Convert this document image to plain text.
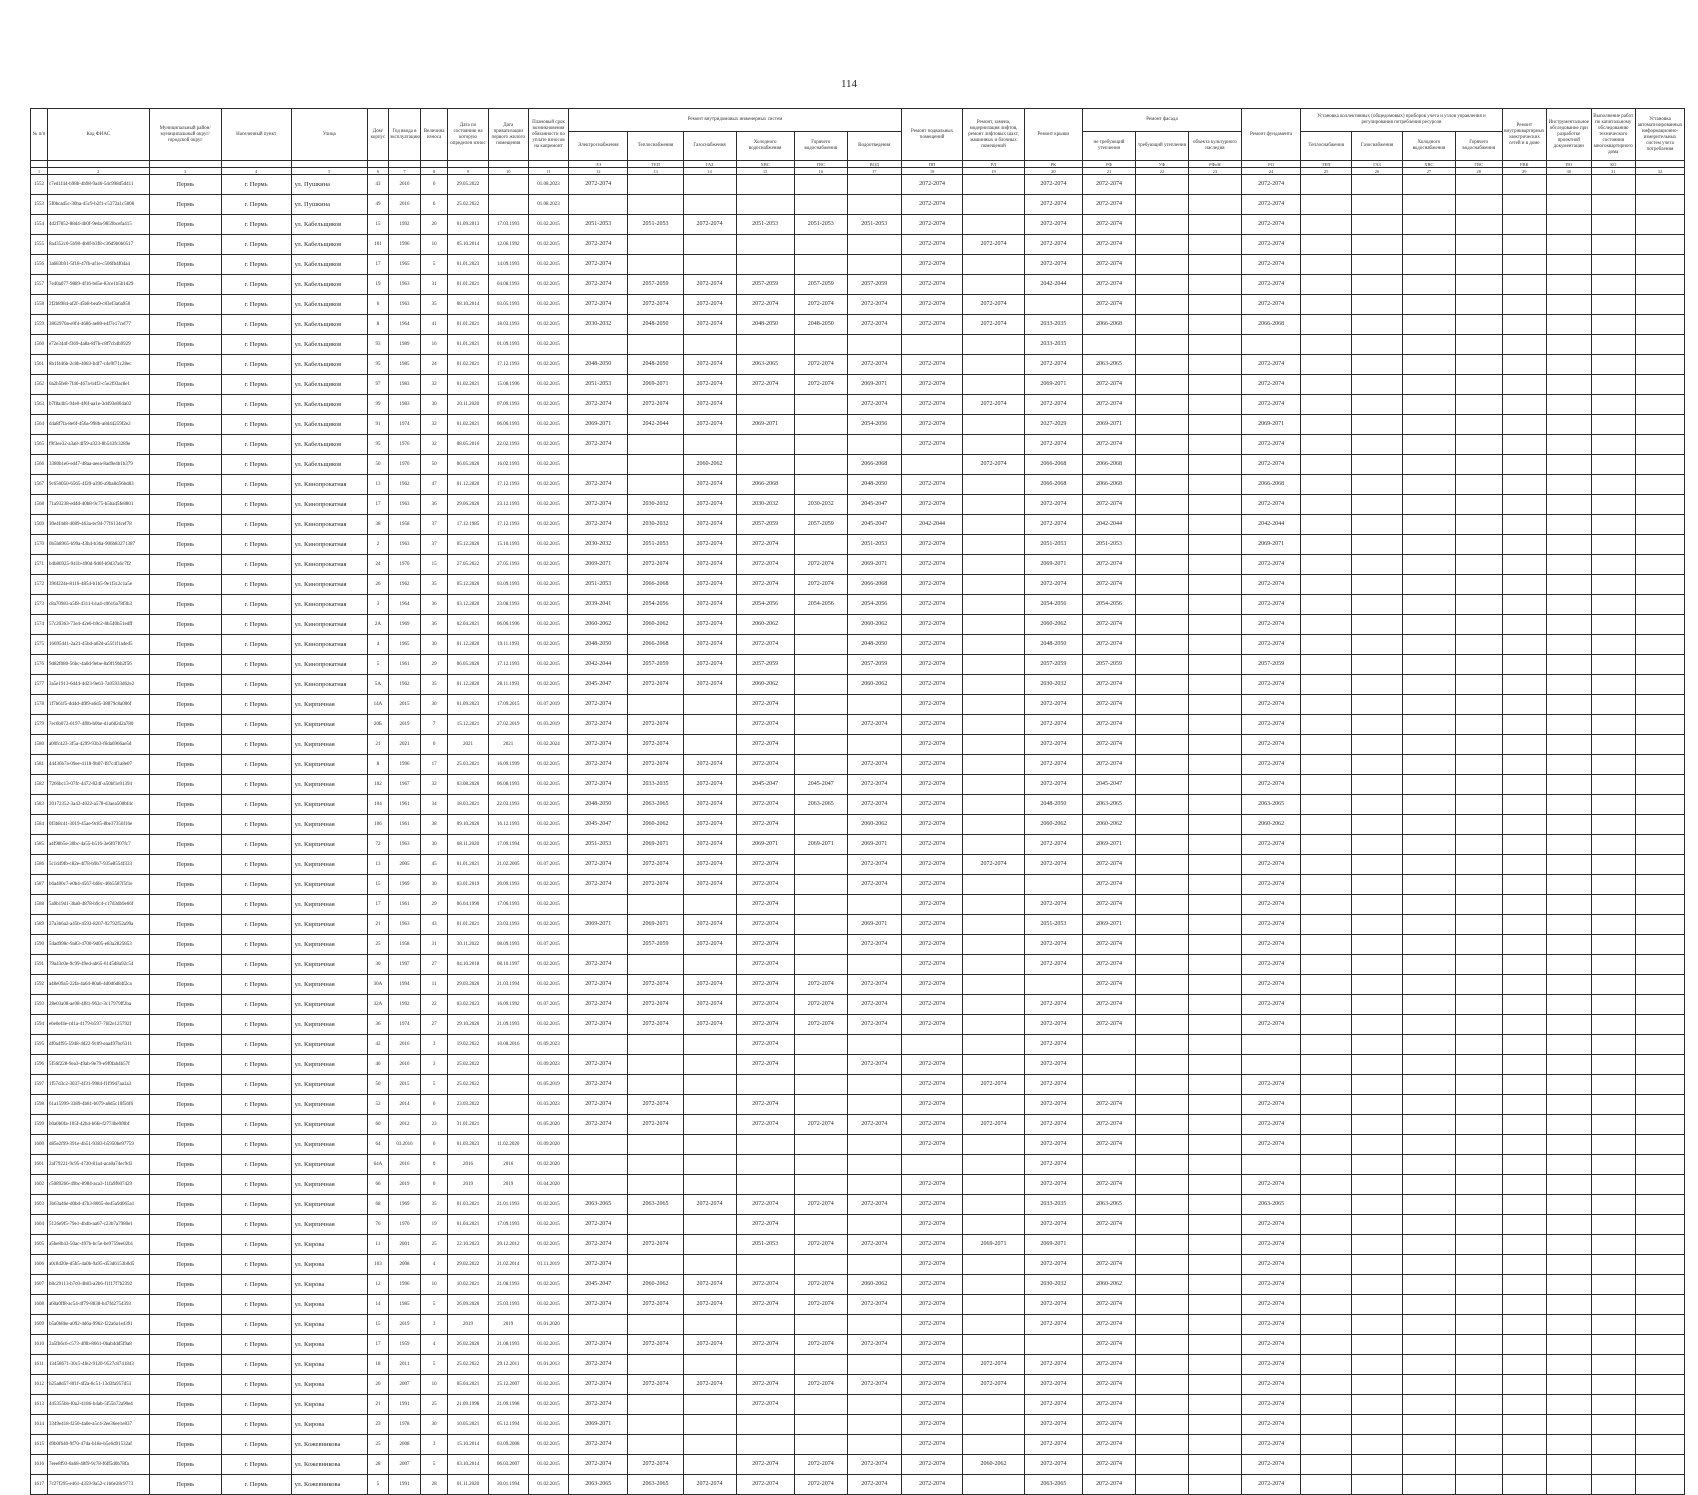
114
№ п/п	Код ФИАС	Муниципальный район/муниципальный округ/городской округ	Населенный пункт	Улица	Дом/корпус	Год ввода в эксплуатацию	Величина износа	Дата по состоянию на которую определен износ	Дата приватизации первого жилого помещения	Плановый срок возникновения обязанности по уплате взносов на капремонт	Ремонт внутридомовых инженерных систем						Ремонт подвальных помещений	Ремонт, замена, модернизация лифтов, ремонт лифтовых шахт, машинных и блочных помещений	Ремонт крыши	Ремонт фасада			Ремонт фундамента	Установка коллективных (общедомовых) приборов учета и узлов управления и регулирования потребления ресурсов				Ремонт внутриквартирных электрических сетей и в доме	Инструментальное обследование при разработке проектной документации	Выполнение работ по капитальному обследованию технического состояния многоквартирного дома	Установка автоматизированных информационно-измерительных систем учета потребления
											Электроснабжения	Теплоснабжения	Газоснабжения	Холодного водоснабжения	Горячего водоснабжения	Водоотведения				не требующий утепления	требующий утепления	объекта культурного наследия		Теплоснабжения	Газоснабжения	Холодного водоснабжения	Горячего водоснабжения				
											ЭЭ	ТЕП	ГАЗ	ХВС	ГВС	ВОД	ПП	РЛ	РК	РФ	УФ	РФоН	РО	ТЕП	ГАЗ	ХВС	ГВС	РВК	ПО	КО	
1	2	3	4	5	6	7	8	9	10	11	12	13	14	15	16	17	18	19	20	21	22	23	24	25	26	27	28	29	30	31	32
1552	c7ed1f44-b98b-4b98-9a46-54c998d5d411	Пермь	г. Пермь	ул. Пушкина	43	2016	6	29.05.2022		01.08.2023	2072-2074						2072-2074		2072-2074	2072-2074			2072-2074								
1553	5f0bcad5c-30ba-45c9-b2f1-c5372a1c5808	Пермь	г. Пермь	ул. Пушкина	49	2016	6	25.02.2022		01.08.2023							2072-2074		2072-2074	2072-2074			2072-2074								
1554	4d2f7852-88d4-4b0f-9eda-9859bcefa415	Пермь	г. Пермь	ул. Кабельщиков	15	1992	20	01.09.2013	17.03.1993	01.02.2015	2051-2053	2051-2053	2072-2074	2051-2053	2051-2053	2051-2053	2072-2074		2072-2074	2072-2074			2072-2074								
1555	8a4352c0-5b98-4b0f-b3f8-c36d9b0b0517	Пермь	г. Пермь	ул. Кабельщиков	101	1996	10	05.10.2014	12.06.1992	01.02.2015	2072-2074						2072-2074	2072-2074	2072-2074	2072-2074			2072-2074								
1556	3a683b91-5f18-47fb-af1e-c506fb4f04a4	Пермь	г. Пермь	ул. Кабельщиков	17	1965	5	01.01.2023	14.09.1993	01.02.2015	2072-2074						2072-2074		2072-2074	2072-2074			2072-2074								
1557	7e40a077-9889-4f16-bd5e-83ce1b5b1d29	Пермь	г. Пермь	ул. Кабельщиков	19	1963	31	01.01.2021	04.08.1993	01.02.2015	2072-2074	2057-2059	2072-2074	2057-2059	2057-2059	2057-2059	2072-2074		2042-2044	2072-2074			2072-2074								
1558	2f2b8984-af2f-45b8-bea9-c83ef3a6a956	Пермь	г. Пермь	ул. Кабельщиков	6	1963	35	08.10.2014	03.05.1993	01.02.2015	2072-2074	2072-2074	2072-2074	2072-2074	2072-2074	2072-2074	2072-2074	2072-2074		2072-2074			2072-2074								
1559	3862970a-e9f4-4686-ae80-e4f7e17cef77	Пермь	г. Пермь	ул. Кабельщиков	8	1964	41	01.01.2021	18.03.1993	01.02.2015	2030-2032	2048-2050	2072-2074	2048-2050	2048-2050	2072-2074	2072-2074	2072-2074	2033-2035	2066-2068			2066-2068								
1560	e72e344f-f369-4a8a-8f7b-c8f7cb4b9929	Пермь	г. Пермь	ул. Кабельщиков	93	1989	16	01.01.2021	01.09.1993	01.02.2015									2033-2035												
1561	8b1f446b-2c8b-4083-b4f7-c4e9f71c28ec	Пермь	г. Пермь	ул. Кабельщиков	95	1985	24	01.02.2021	17.12.1993	01.02.2015	2048-2050	2048-2050	2072-2074	2063-2065	2072-2074	2072-2074	2072-2074		2072-2074	2063-2065			2072-2074								
1562	0a2b5fe8-7f46-467a-b4f2-c5e2f93ac8e1	Пермь	г. Пермь	ул. Кабельщиков	97	1983	32	01.02.2021	15.08.1996	01.02.2015	2051-2053	2069-2071	2072-2074	2072-2074	2072-2074	2069-2071	2072-2074		2069-2071	2072-2074			2072-2074								
1563	b7f8a4b5-94e0-4f6f-aa1e-3d493e804a03	Пермь	г. Пермь	ул. Кабельщиков	99	1983	30	20.11.2020	07.09.1993	01.02.2015	2072-2074	2072-2074	2072-2074			2072-2074	2072-2074	2072-2074	2072-2074	2072-2074			2072-2074								
1564	d4a8f7fa-8e6f-456a-998b-a8d44259f2e2	Пермь	г. Пермь	ул. Кабельщиков	91	1974	32	01.02.2021	06.06.1993	01.02.2015	2069-2071	2042-2044	2072-2074	2069-2071		2054-2056	2072-2074		2027-2029	2069-2071			2069-2071								
1565	f9f3ee32-a3a8-4f59-a323-8b543fc3289e	Пермь	г. Пермь	ул. Кабельщиков	95	1976	32	08.05.2016	22.02.1993	01.02.2015	2072-2074						2072-2074		2072-2074	2072-2074			2072-2074								
1566	3380b1e6-ed47-48aa-aeea-8ad9e4b1b379	Пермь	г. Пермь	ул. Кабельщиков	50	1976	50	06.05.2020	16.02.1993	01.02.2015			2060-2062			2066-2068		2072-2074	2066-2068	2066-2068			2072-2074								
1567	9c650050-6565-4f20-a396-a9ba8d56bd83	Пермь	г. Пермь	ул. Кинопрокатная	13	1962	47	01.12.2020	17.12.1993	01.02.2015	2072-2074		2072-2074	2066-2068		2048-2050	2072-2074		2066-2068	2066-2068			2066-2068								
1568	71a93238-ed4d-40b8-9c75-b5ba45fe8801	Пермь	г. Пермь	ул. Кинопрокатная	17	1963	36	29.06.2020	23.12.1993	01.02.2015	2072-2074	2030-2032	2072-2074	2030-2032	2030-2032	2045-2047	2072-2074		2072-2074	2072-2074			2072-2074								
1569	30e4f4d8-4089-463a-bc94-77f6134cef78	Пермь	г. Пермь	ул. Кинопрокатная	38	1958	37	17.12.1985	17.12.1993	01.02.2015	2072-2074	2030-2032	2072-2074	2057-2059	2057-2059	2045-2047	2042-2044		2072-2074	2042-2044			2042-2044								
1570	0b5b8965-b99a-43b4-b36a-906b83271387	Пермь	г. Пермь	ул. Кинопрокатная	2	1963	37	05.12.2020	15.10.1993	01.02.2015	2030-2032	2051-2053	2072-2074	2072-2074		2051-2053	2072-2074		2051-2053	2051-2053			2069-2071								
1571	b4b86925-941b-490d-9d6f-b9d37a6c7f2	Пермь	г. Пермь	ул. Кинопрокатная	24	1970	15	27.05.2022	27.05.1993	01.02.2015	2069-2071	2072-2074	2072-2074	2072-2074	2072-2074	2069-2071	2072-2074		2069-2071	2072-2074			2072-2074								
1572	396f224e-8116-4854-b1b5-9e1f3c2c1a5e	Пермь	г. Пермь	ул. Кинопрокатная	26	1962	35	05.12.2020	03.09.1993	01.02.2015	2051-2053	2066-2068	2072-2074	2072-2074	2072-2074	2066-2068	2072-2074		2072-2074	2072-2074			2072-2074								
1573	c8a70983-a5f8-4311-b1a4-c0616a78f3b3	Пермь	г. Пермь	ул. Кинопрокатная	3	1964	36	03.12.2020	23.08.1993	01.02.2015	2039-2041	2054-2056	2072-2074	2054-2056	2054-2056	2054-2056	2072-2074		2054-2056	2054-2056			2072-2074								
1574	57c20363-73e4-42e6-b9c2-8b540b51edff	Пермь	г. Пермь	ул. Кинопрокатная	2А	1969	36	02.04.2021	06.06.1996	01.02.2015	2060-2062	2060-2062	2072-2074	2060-2062		2060-2062	2072-2074		2060-2062	2072-2074			2072-2074								
1575	16695441-2a21-45bd-a62d-a55f1f1a4ed5	Пермь	г. Пермь	ул. Кинопрокатная	4	1965	30	01.12.2020	19.11.1993	01.02.2015	2048-2050	2066-2068	2072-2074	2072-2074		2048-2050	2072-2074		2048-2050	2072-2074			2072-2074								
1576	9d82f080-56bc-4a0d-9ebe-8a9f19bb2f56	Пермь	г. Пермь	ул. Кинопрокатная	5	1961	29	06.05.2020	17.12.1993	01.02.2015	2042-2044	2057-2059	2072-2074	2057-2059		2057-2059	2072-2074		2057-2059	2057-2059			2057-2059								
1577	3a5e1913-6d44-4d23-9e63-7a05933d62e2	Пермь	г. Пермь	ул. Кинопрокатная	5А	1962	35	01.12.2020	28.11.1993	01.02.2015	2045-2047	2072-2074	2072-2074	2060-2062		2060-2062	2072-2074		2030-2032	2072-2074			2072-2074								
1578	1f7b61f5-dd4d-4f89-a6d5-38879c8a006f	Пермь	г. Пермь	ул. Кирпичная	14А	2015	30	01.09.2023	17.09.2015	01.07.2019	2072-2074			2072-2074			2072-2074		2072-2074	2072-2074			2072-2074								
1579	7ec6b072-0197-4f0b-b0be-d1a682d2a780	Пермь	г. Пермь	ул. Кирпичная	20Б	2019	7	15.12.2021	27.02.2019	01.03.2019	2072-2074	2072-2074		2072-2074		2072-2074	2072-2074		2072-2074	2072-2074			2072-2074								
1580	a00fc423-3f5a-4299-93b3-f6da6966ae5d	Пермь	г. Пермь	ул. Кирпичная	21	2021	0	2021	2021	01.02.2024	2072-2074	2072-2074		2072-2074			2072-2074		2072-2074	2072-2074			2072-2074								
1581	44436b7a-09ee-4118-9b07-f87c4f1a8e07	Пермь	г. Пермь	ул. Кирпичная	8	1996	17	25.03.2021	16.09.1999	01.02.2015	2072-2074	2072-2074	2072-2074	2072-2074		2072-2074	2072-2074		2072-2074	2072-2074			2072-2074								
1582	7266bc13-07fc-4472-824f-a50bf1e91394	Пермь	г. Пермь	ул. Кирпичная	102	1967	32	03.08.2020	06.08.1993	01.02.2015	2072-2074	2033-2035	2072-2074	2045-2047	2045-2047	2072-2074	2072-2074		2072-2074	2045-2047			2072-2074								
1583	20172352-3a43-4022-a578-d3aea500bf4c	Пермь	г. Пермь	ул. Кирпичная	104	1961	34	18.03.2021	22.03.1993	01.02.2015	2048-2050	2063-2065	2072-2074	2072-2074	2063-2065	2072-2074	2072-2074		2048-2050	2063-2065			2063-2065								
1584	0f3b8c41-3019-45ae-9c85-8be37356f16e	Пермь	г. Пермь	ул. Кирпичная	106	1961	38	09.10.2020	16.12.1993	01.02.2015	2045-2047	2060-2062	2072-2074	2072-2074		2060-2062	2072-2074		2060-2062	2060-2062			2060-2062								
1585	a4f98b5e-30bc-4a55-b516-3e6f07f07fc7	Пермь	г. Пермь	ул. Кирпичная	72	1963	30	08.11.2020	17.09.1994	01.02.2015	2051-2053	2069-2071	2072-2074	2069-2071	2069-2071	2069-2071	2072-2074		2072-2074	2069-2071			2072-2074								
1586	5c1d49fb-c82e-4f78-b9b7-935e8554f333	Пермь	г. Пермь	ул. Кирпичная	13	2005	45	01.01.2021	21.02.2005	01.07.2015	2072-2074	2072-2074	2072-2074	2072-2074		2072-2074	2072-2074	2072-2074	2072-2074	2072-2074			2072-2074								
1587	b6a400c7-e0b4-4567-b68c-46b5587f5f1e	Пермь	г. Пермь	ул. Кирпичная	15	1969	30	03.01.2019	20.09.1993	01.02.2015	2072-2074	2072-2074	2072-2074	2072-2074		2072-2074	2072-2074			2072-2074			2072-2074								
1588	5a9b19d1-3ba0-4878-b9c4-c17d3db9e66f	Пермь	г. Пермь	ул. Кирпичная	17	1961	29	06.04.1990	17.06.1993	01.02.2015				2072-2074			2072-2074		2072-2074	2072-2074			2072-2074								
1589	27a3b6a2-a45b-4593-8207-92792f52a99a	Пермь	г. Пермь	ул. Кирпичная	21	1963	43	01.01.2021	23.03.1993	01.02.2015	2069-2071	2069-2071	2072-2074	2072-2074		2069-2071	2072-2074		2051-2053	2069-2071			2072-2074								
1590	54ad998c-9a83-4700-9d05-e83a2825853	Пермь	г. Пермь	ул. Кирпичная	25	1958	31	30.11.2022	08.09.1993	01.07.2015		2057-2059	2072-2074	2072-2074		2072-2074	2072-2074		2072-2074	2072-2074			2072-2074								
1591	79a43c0e-9c99-49ed-ab65-6145d8a92c54	Пермь	г. Пермь	ул. Кирпичная	30	1997	27	04.10.2018	08.10.1997	01.02.2015	2072-2074			2072-2074			2072-2074		2072-2074	2072-2074			2072-2074								
1592	a48e09a5-22fa-4a64-80a6-4d0d6d84f2ca	Пермь	г. Пермь	ул. Кирпичная	30А	1994	11	29.03.2020	21.03.1994	01.02.2015	2072-2074	2072-2074	2072-2074	2072-2074	2072-2074	2072-2074	2072-2074			2072-2074			2072-2074								
1593	28e03a08-ae98-4f81-963c-3c17979ff2ba	Пермь	г. Пермь	ул. Кирпичная	32А	1992	22	03.02.2023	16.09.1992	01.07.2015	2072-2074	2072-2074	2072-2074	2072-2074	2072-2074	2072-2074	2072-2074		2072-2074	2072-2074			2072-2074								
1594	e6e0ef4e-cd1a-4179-b597-76f2e125792f	Пермь	г. Пермь	ул. Кирпичная	36	1974	27	29.10.2020	21.09.1993	01.02.2015	2072-2074	2072-2074	2072-2074	2072-2074	2072-2074	2072-2074	2072-2074		2072-2074	2072-2074			2072-2074								
1595	df0a4f95-5948-4d22-9c09-eaa497bc6311	Пермь	г. Пермь	ул. Кирпичная	42	2016	3	19.02.2022	10.08.2016	01.09.2023				2072-2074					2072-2074												
1596	5f56f228-9ea3-49ab-9e79-e9f0fab4b57f	Пермь	г. Пермь	ул. Кирпичная	46	2016	3	25.02.2022		01.09.2023	2072-2074			2072-2074		2072-2074	2072-2074		2072-2074												
1597	1f57d3c2-3037-4f31-9984-f1f99d7aa1a3	Пермь	г. Пермь	ул. Кирпичная	50	2015	5	25.02.2022		01.05.2019	2072-2074						2072-2074	2072-2074	2072-2074				2072-2074								
1598	61a15999-3389-4b81-b079-a8d5c10f56f6	Пермь	г. Пермь	ул. Кирпичная	52	2014	6	23.03.2022		01.03.2023	2072-2074	2072-2074		2072-2074			2072-2074		2072-2074	2072-2074			2072-2074								
1599	b0a0b0fa-105f-42b4-b6fe-f2774be0f0bf	Пермь	г. Пермь	ул. Кирпичная	60	2012	23	31.01.2021		01.05.2020	2072-2074	2072-2074		2072-2074	2072-2074	2072-2074	2072-2074	2072-2074	2072-2074	2072-2074			2072-2074								
1600	d85e2f99-391e-4b51-9383-b5950be97759	Пермь	г. Пермь	ул. Кирпичная	64	03.2016	6	01.03.2023	11.02.2020	01.09.2020							2072-2074		2072-2074	2072-2074			2072-2074								
1601	2af79221-9c95-4730-81a4-aca0a74ec9d3	Пермь	г. Пермь	ул. Кирпичная	64А	2016	0	2016	2016	01.02.2020									2072-2074												
1602	c5089266-49bc-8984-aca3-11fa9f607429	Пермь	г. Пермь	ул. Кирпичная	66	2019	0	2019	2019	01.04.2020							2072-2074		2072-2074	2072-2074			2072-2074								
1603	3b63a46e-d0bd-47b3-8065-de45a9d065a1	Пермь	г. Пермь	ул. Кирпичная	68	1969	35	01.03.2021	21.01.1993	01.02.2015	2063-2065	2063-2065	2072-2074	2072-2074	2072-2074	2072-2074	2072-2074		2033-2035	2063-2065			2063-2065								
1604	5126e9f5-79e1-4b4b-aa67-c23b7a7980e1	Пермь	г. Пермь	ул. Кирпичная	76	1970	19	01.04.2021	17.09.1993	01.02.2015	2072-2074			2072-2074			2072-2074		2072-2074	2072-2074			2072-2074								
1605	a5be8b43-50ac-497b-bc5e-be9759ee02b1	Пермь	г. Пермь	ул. Кирова	11	2001	25	22.10.2023	20.12.2012	01.02.2015	2072-2074	2072-2074		2051-2053	2072-2074	2072-2074	2072-2074	2069-2071	2069-2071				2072-2074								
1606	a0c8420e-d5b5-4a0b-9a95-d53d6153b0d5	Пермь	г. Пермь	ул. Кирова	103	2008	4	29.02.2022	21.02.2014	01.11.2019	2072-2074						2072-2074		2072-2074	2072-2074			2072-2074								
1607	b8c29113-b7c0-4b83-a2b6-f1f17f7b2392	Пермь	г. Пермь	ул. Кирова	12	1996	10	10.02.2021	21.08.1993	01.02.2015	2045-2047	2060-2062	2072-2074	2072-2074	2072-2074	2060-2062	2072-2074		2030-2032	2060-2062			2072-2074								
1608	a60a0ff8-ac54-4f79-8838-b47fd2754393	Пермь	г. Пермь	ул. Кирова	14	1985	5	26.09.2020	25.03.1993	01.02.2015	2072-2074	2072-2074	2072-2074	2072-2074	2072-2074	2072-2074	2072-2074		2072-2074	2072-2074			2072-2074								
1609	b5a0b8be-a092-4d6a-9962-f22a6a1e4391	Пермь	г. Пермь	ул. Кирова	15	2019	3	2019	2019	01.01.2020							2072-2074		2072-2074	2072-2074			2072-2074								
1610	2a5fb6c6-c573-4f0b-8661-0bab4dd5f9a8	Пермь	г. Пермь	ул. Кирова	17	1959	4	26.02.2020	21.08.1993	01.02.2015	2072-2074	2072-2074	2072-2074	2072-2074	2072-2074	2072-2074	2072-2074			2072-2074			2072-2074								
1611	13458671-30c5-4fe2-9120-9527c8741843	Пермь	г. Пермь	ул. Кирова	18	2011	5	25.02.2022	29.12.2011	01.01.2013	2072-2074						2072-2074	2072-2074	2072-2074	2072-2074			2072-2074								
1612	b25a8d57-8f1f-4f2a-8c51-13d3fa957d53	Пермь	г. Пермь	ул. Кирова	20	2007	10	05.04.2021	25.12.2007	01.02.2015	2072-2074	2072-2074	2072-2074	2072-2074	2072-2074	2072-2074	2072-2074	2072-2074	2072-2074	2072-2074			2072-2074								
1613	445355bb-f0a2-4186-b4ab-5f55b72a90e4	Пермь	г. Пермь	ул. Кирова	21	1991	25	21.09.1998	21.09.1998	01.02.2015	2072-2074			2072-2074			2072-2074		2072-2074	2072-2074			2072-2074								
1614	3349e418-f250-4a0e-a5c4-2ee36ee1e837	Пермь	г. Пермь	ул. Кирова	23	1978	30	10.05.2021	05.12.1994	01.02.2015	2069-2071						2072-2074		2072-2074	2072-2074			2072-2074								
1615	d9b0f640-9f70-47da-b18e-b5e6d91532af	Пермь	г. Пермь	ул. Кожевникова	25	2008	3	15.10.2014	03.09.2008	01.02.2015	2072-2074						2072-2074		2072-2074	2072-2074			2072-2074								
1616	7eee8f93-0a68-48f9-9c78-f6ff5d0b78fa	Пермь	г. Пермь	ул. Кожевникова	28	2007	5	03.10.2014	06.03.2007	01.02.2015	2072-2074	2072-2074		2072-2074	2072-2074	2072-2074	2072-2074	2060-2062	2072-2074	2072-2074			2072-2074								
1617	7c27f295-e461-4359-9a52-c1b6e28c9773	Пермь	г. Пермь	ул. Кожевникова	5	1991	28	01.11.2020	30.01.1994	01.02.2015	2063-2065	2063-2065	2072-2074	2072-2074	2072-2074	2072-2074	2072-2074		2063-2065	2072-2074			2072-2074								
